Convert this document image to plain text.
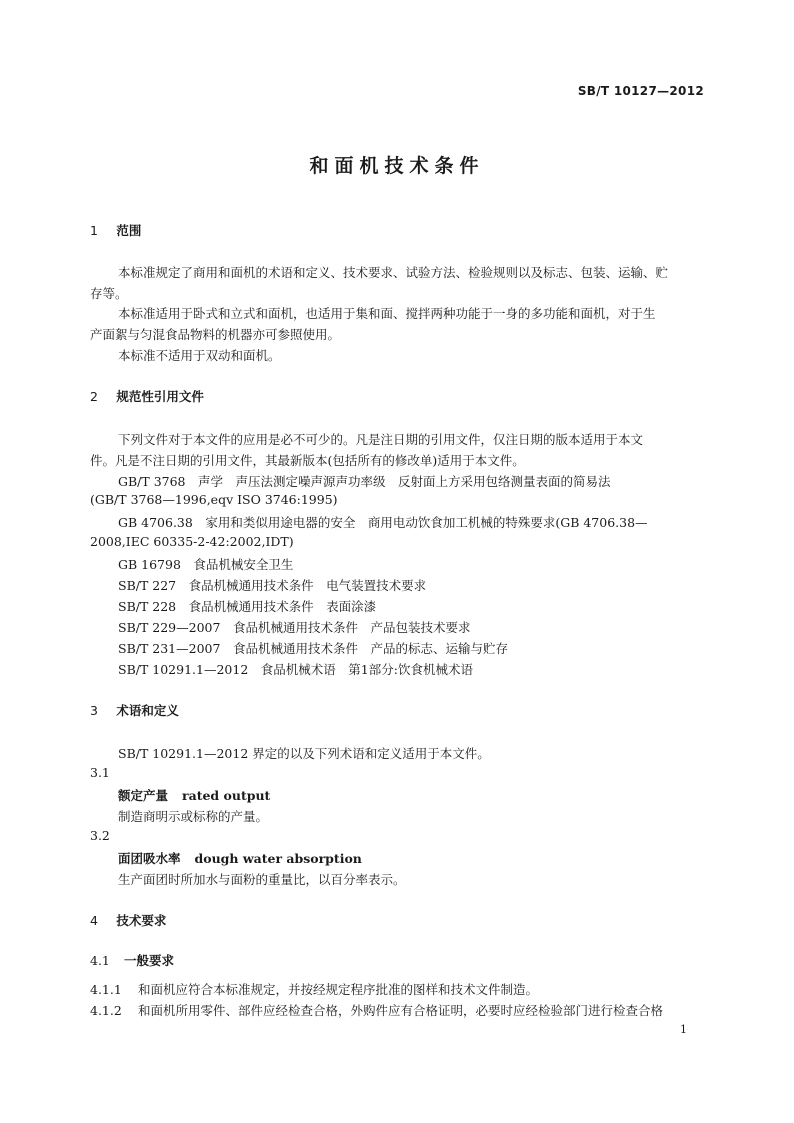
SB/T 10127—2012
和面机技术条件
1 范围
本标准规定了商用和面机的术语和定义、技术要求、试验方法、检验规则以及标志、包装、运输、贮
存等。
本标准适用于卧式和立式和面机，也适用于集和面、搅拌两种功能于一身的多功能和面机，对于生
产面絮与匀混食品物料的机器亦可参照使用。
本标准不适用于双动和面机。
2 规范性引用文件
下列文件对于本文件的应用是必不可少的。凡是注日期的引用文件，仅注日期的版本适用于本文
件。凡是不注日期的引用文件，其最新版本(包括所有的修改单)适用于本文件。
GB/T 3768　声学　声压法测定噪声源声功率级　反射面上方采用包络测量表面的简易法
(GB/T 3768—1996,eqv ISO 3746:1995)
GB 4706.38　家用和类似用途电器的安全　商用电动饮食加工机械的特殊要求(GB 4706.38—
2008,IEC 60335-2-42:2002,IDT)
GB 16798　食品机械安全卫生
SB/T 227　食品机械通用技术条件　电气装置技术要求
SB/T 228　食品机械通用技术条件　表面涂漆
SB/T 229—2007　食品机械通用技术条件　产品包装技术要求
SB/T 231—2007　食品机械通用技术条件　产品的标志、运输与贮存
SB/T 10291.1—2012　食品机械术语　第1部分:饮食机械术语
3 术语和定义
SB/T 10291.1—2012 界定的以及下列术语和定义适用于本文件。
3.1
额定产量 rated output
制造商明示或标称的产量。
3.2
面团吸水率 dough water absorption
生产面团时所加水与面粉的重量比，以百分率表示。
4 技术要求
4.1 一般要求
4.1.1 和面机应符合本标准规定，并按经规定程序批准的图样和技术文件制造。
4.1.2 和面机所用零件、部件应经检查合格，外购件应有合格证明，必要时应经检验部门进行检查合格
1
